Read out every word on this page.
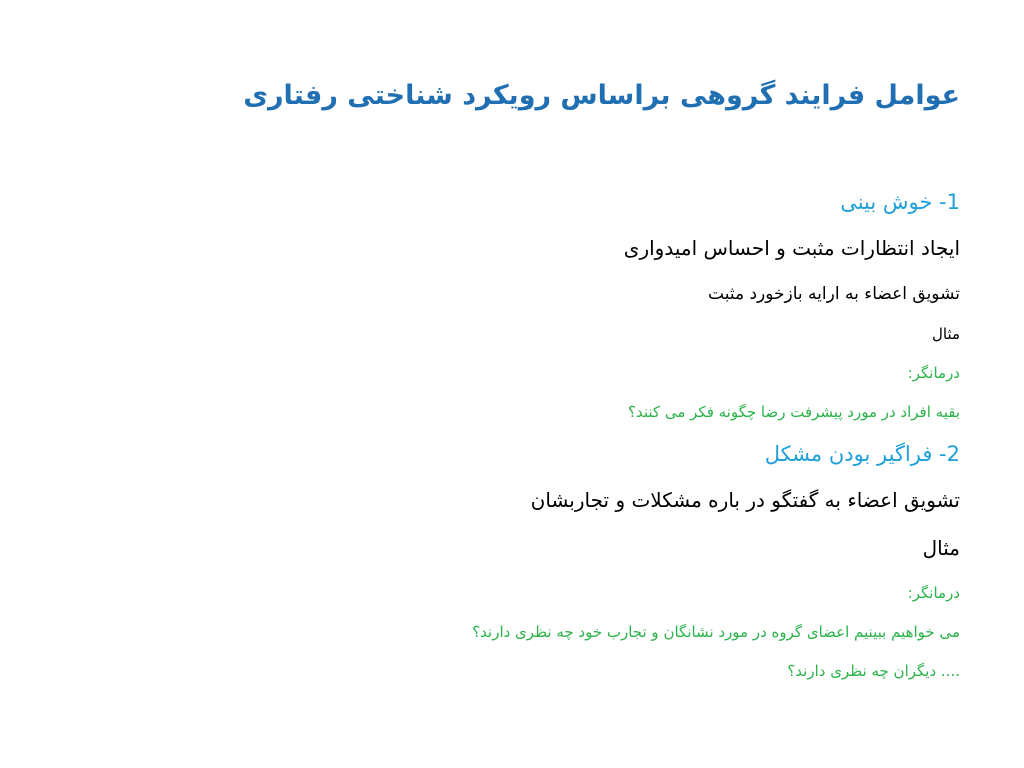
عوامل فرایند گروهی براساس رویکرد شناختی رفتاری
1- خوش بینی
ایجاد انتظارات مثبت و احساس امیدواری
تشویق اعضاء به ارایه بازخورد مثبت
مثال
درمانگر:
بقیه افراد در مورد پیشرفت رضا چگونه فکر می کنند؟
2- فراگیر بودن مشکل
تشویق اعضاء به گفتگو در باره مشکلات و تجاربشان
مثال
درمانگر:
می خواهیم ببینیم اعضای گروه در مورد نشانگان و تجارب خود چه نظری دارند؟
.... دیگران چه نظری دارند؟
